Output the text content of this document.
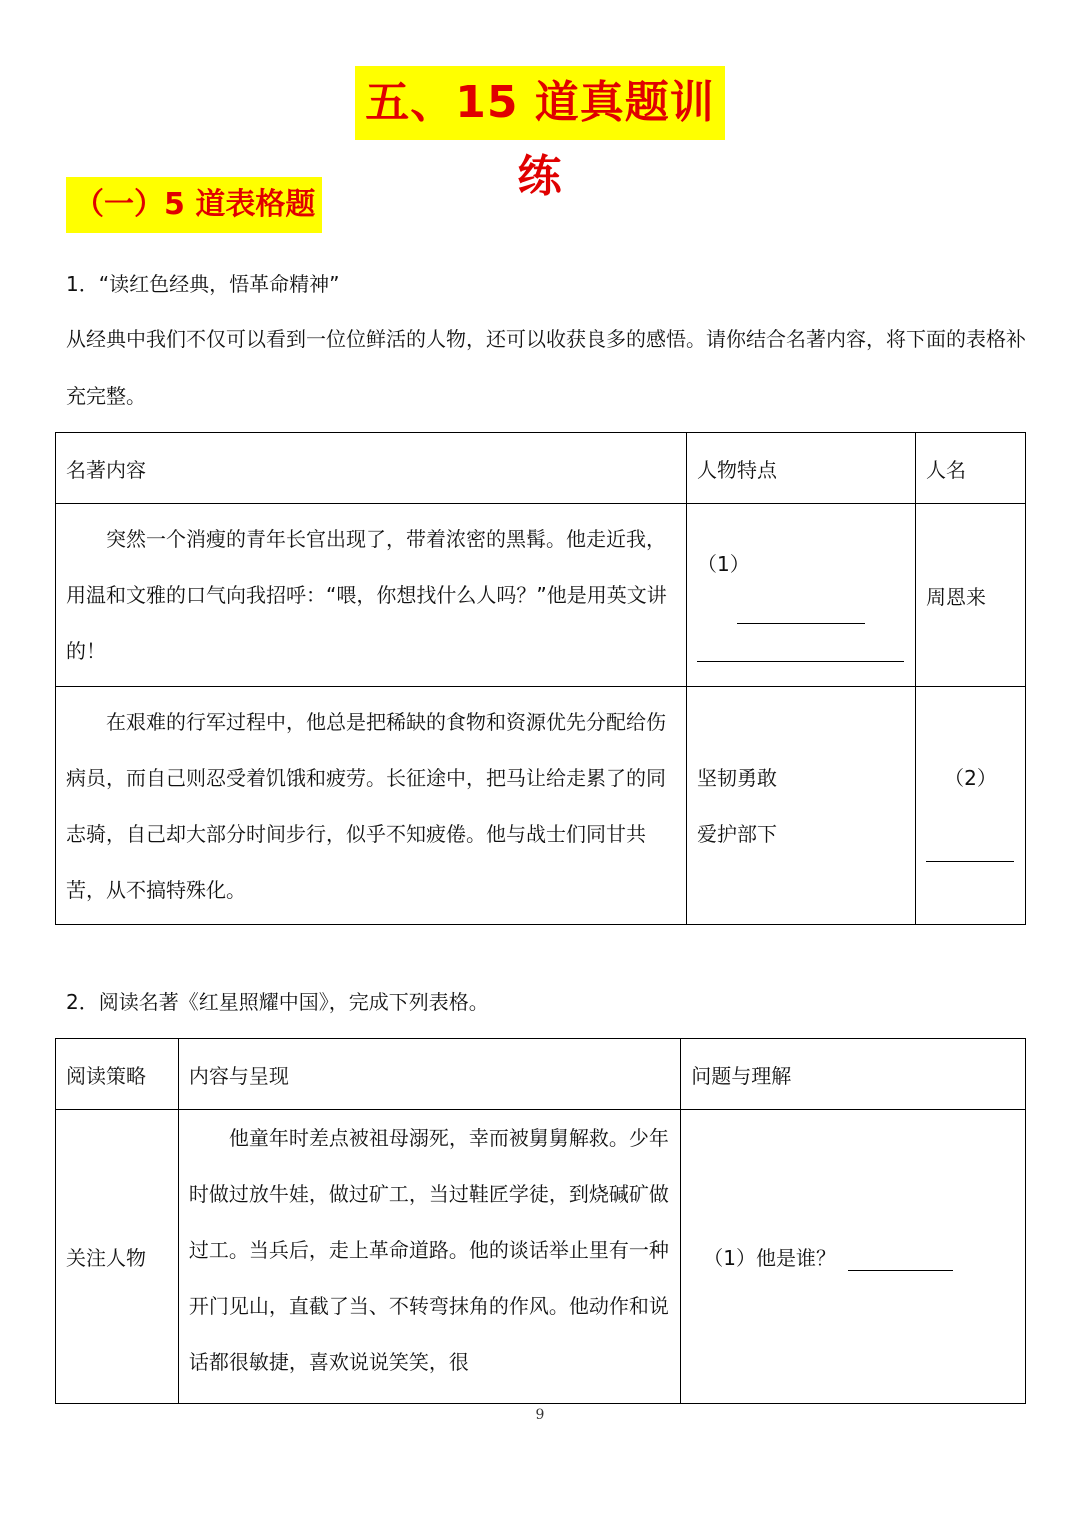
五、15 道真题训练
（一）5 道表格题
1．“读红色经典，悟革命精神”
从经典中我们不仅可以看到一位位鲜活的人物，还可以收获良多的感悟。请你结合名著内容，将下面的表格补充完整。
名著内容	人物特点	人名

突然一个消瘦的青年长官出现了，带着浓密的黑髯。他走近我，用温和文雅的口气向我招呼：“喂，你想找什么人吗？”他是用英文讲的！	（1）	周恩来

在艰难的行军过程中，他总是把稀缺的食物和资源优先分配给伤病员，而自己则忍受着饥饿和疲劳。长征途中，把马让给走累了的同志骑，自己却大部分时间步行，似乎不知疲倦。他与战士们同甘共苦，从不搞特殊化。	坚韧勇敢
爱护部下	（2）
2．阅读名著《红星照耀中国》，完成下列表格。
阅读策略	内容与呈现	问题与理解
关注人物	他童年时差点被祖母溺死，幸而被舅舅解救。少年时做过放牛娃，做过矿工，当过鞋匠学徒，到烧碱矿做过工。当兵后，走上革命道路。他的谈话举止里有一种开门见山，直截了当、不转弯抹角的作风。他动作和说话都很敏捷，喜欢说说笑笑，很	（1）他是谁？
9
